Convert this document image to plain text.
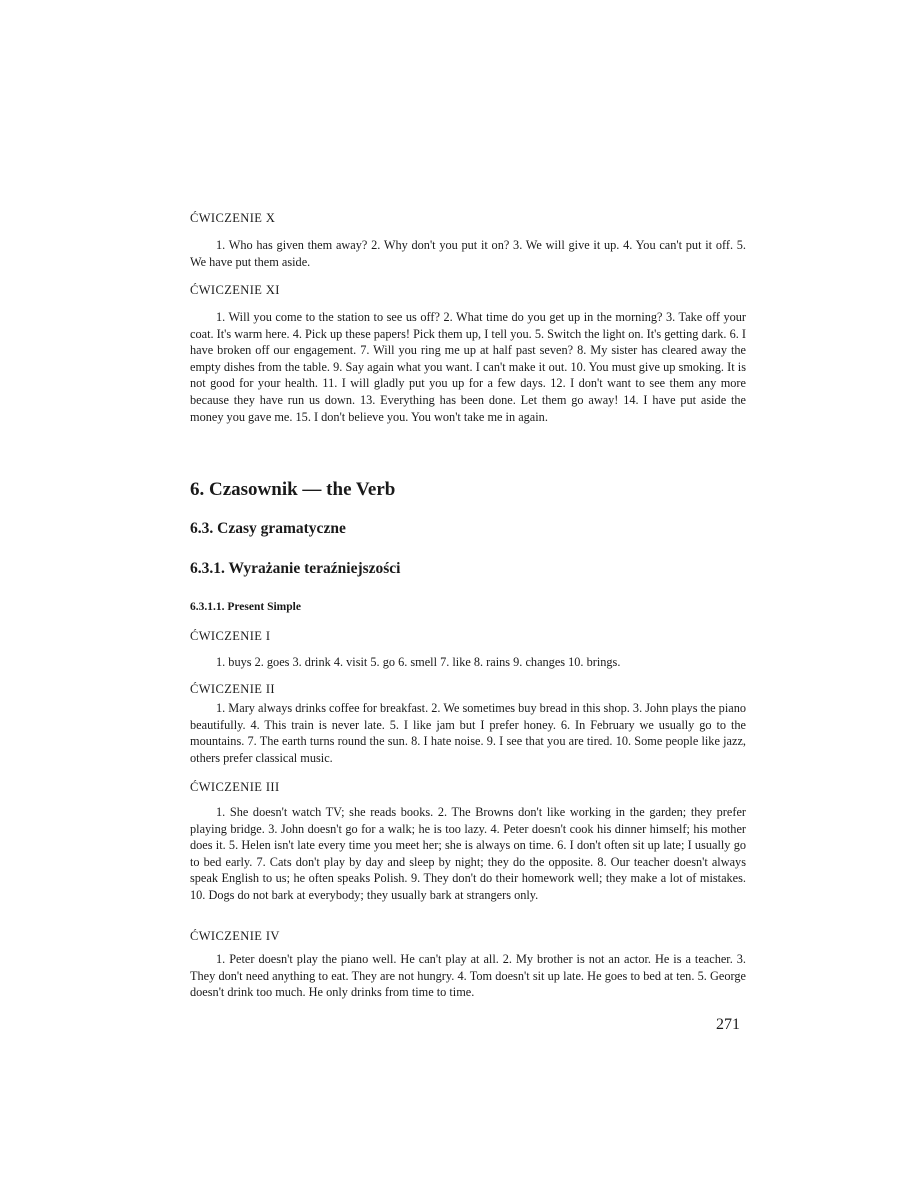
ĆWICZENIE X

1. Who has given them away? 2. Why don't you put it on? 3. We will give it up. 4. You can't put it off. 5. We have put them aside.

ĆWICZENIE XI

1. Will you come to the station to see us off? 2. What time do you get up in the morning? 3. Take off your coat. It's warm here. 4. Pick up these papers! Pick them up, I tell you. 5. Switch the light on. It's getting dark. 6. I have broken off our engagement. 7. Will you ring me up at half past seven? 8. My sister has cleared away the empty dishes from the table. 9. Say again what you want. I can't make it out. 10. You must give up smoking. It is not good for your health. 11. I will gladly put you up for a few days. 12. I don't want to see them any more because they have run us down. 13. Everything has been done. Let them go away! 14. I have put aside the money you gave me. 15. I don't believe you. You won't take me in again.

6. Czasownik — the Verb
6.3. Czasy gramatyczne
6.3.1. Wyrażanie teraźniejszości
6.3.1.1. Present Simple
ĆWICZENIE I

1. buys 2. goes 3. drink 4. visit 5. go 6. smell 7. like 8. rains 9. changes 10. brings.

ĆWICZENIE II

1. Mary always drinks coffee for breakfast. 2. We sometimes buy bread in this shop. 3. John plays the piano beautifully. 4. This train is never late. 5. I like jam but I prefer honey. 6. In February we usually go to the mountains. 7. The earth turns round the sun. 8. I hate noise. 9. I see that you are tired. 10. Some people like jazz, others prefer classical music.

ĆWICZENIE III

1. She doesn't watch TV; she reads books. 2. The Browns don't like working in the garden; they prefer playing bridge. 3. John doesn't go for a walk; he is too lazy. 4. Peter doesn't cook his dinner himself; his mother does it. 5. Helen isn't late every time you meet her; she is always on time. 6. I don't often sit up late; I usually go to bed early. 7. Cats don't play by day and sleep by night; they do the opposite. 8. Our teacher doesn't always speak English to us; he often speaks Polish. 9. They don't do their homework well; they make a lot of mistakes. 10. Dogs do not bark at everybody; they usually bark at strangers only.

ĆWICZENIE IV

1. Peter doesn't play the piano well. He can't play at all. 2. My brother is not an actor. He is a teacher. 3. They don't need anything to eat. They are not hungry. 4. Tom doesn't sit up late. He goes to bed at ten. 5. George doesn't drink too much. He only drinks from time to time.

271
